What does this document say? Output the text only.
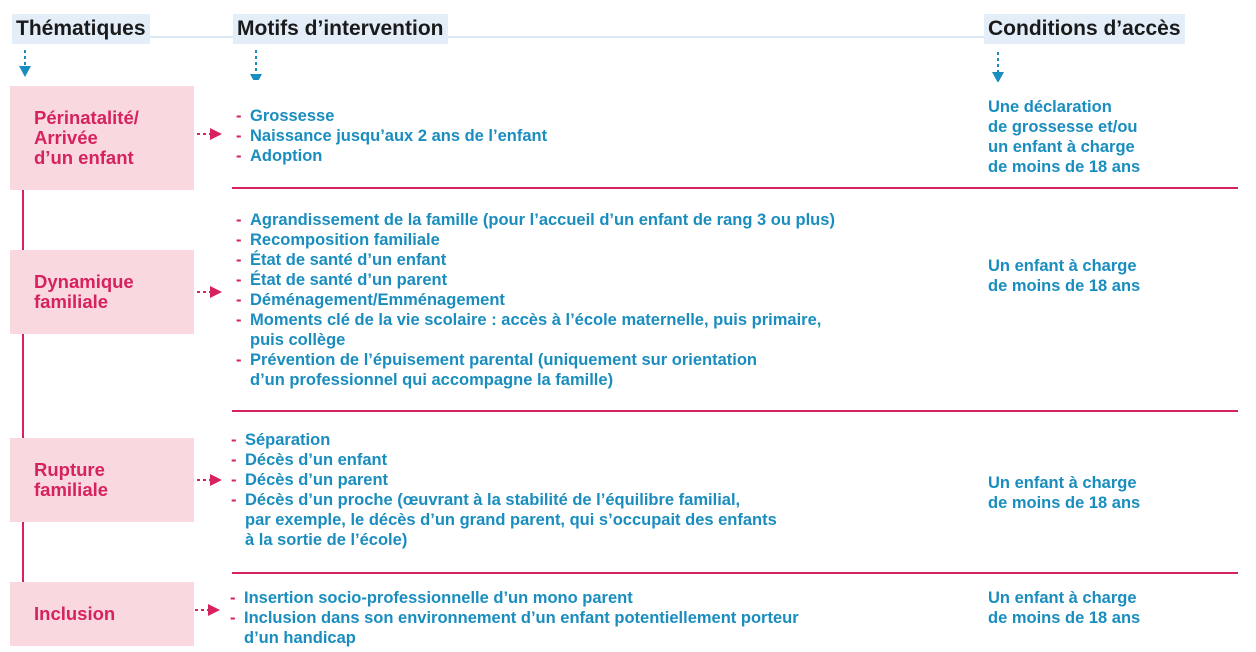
Thématiques	Motifs d’intervention	Conditions d’accès
Périnatalité/
Arrivée
d’un enfant
- Grossesse
- Naissance jusqu’aux 2 ans de l’enfant
- Adoption
Une déclaration
de grossesse et/ou
un enfant à charge
de moins de 18 ans
Dynamique
familiale
- Agrandissement de la famille (pour l’accueil d’un enfant de rang 3 ou plus)
- Recomposition familiale
- État de santé d’un enfant
- État de santé d’un parent
- Déménagement/Emménagement
- Moments clé de la vie scolaire : accès à l’école maternelle, puis primaire,
puis collège
- Prévention de l’épuisement parental (uniquement sur orientation
d’un professionnel qui accompagne la famille)
Un enfant à charge
de moins de 18 ans
Rupture
familiale
- Séparation
- Décès d’un enfant
- Décès d’un parent
- Décès d’un proche (œuvrant à la stabilité de l’équilibre familial,
par exemple, le décès d’un grand parent, qui s’occupait des enfants
à la sortie de l’école)
Un enfant à charge
de moins de 18 ans
Inclusion
- Insertion socio-professionnelle d’un mono parent
- Inclusion dans son environnement d’un enfant potentiellement porteur
d’un handicap
Un enfant à charge
de moins de 18 ans
